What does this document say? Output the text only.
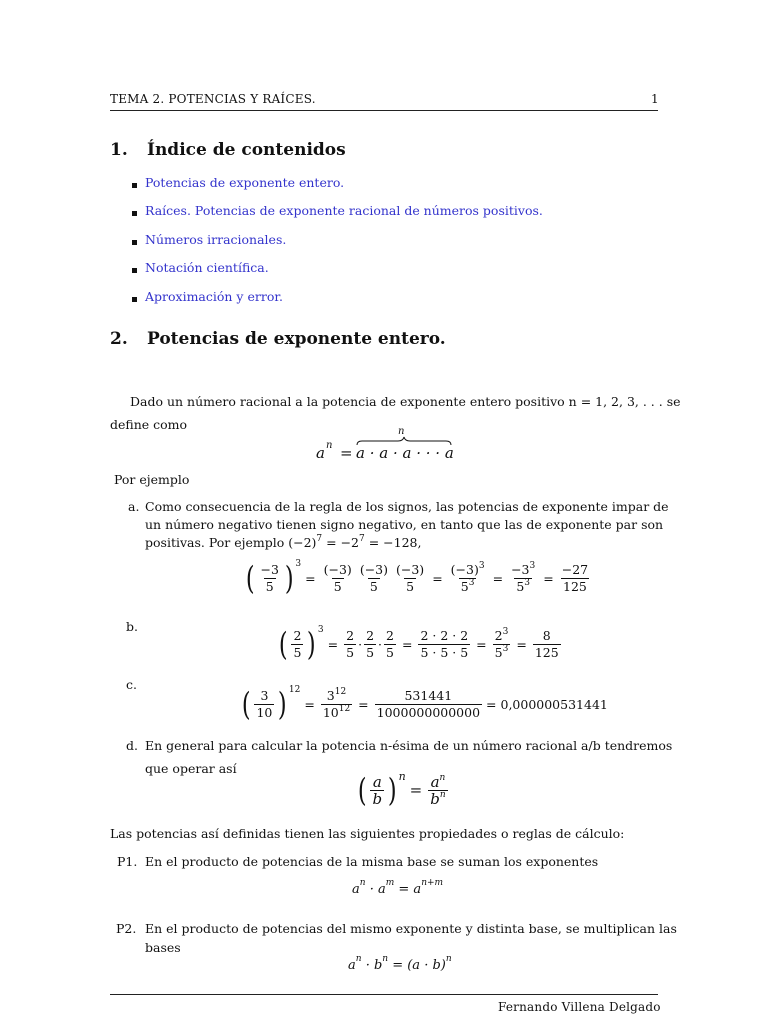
TEMA 2. POTENCIAS Y RAÍCES.	1
1. Índice de contenidos
Potencias de exponente entero.
Raíces. Potencias de exponente racional de números positivos.
Números irracionales.
Notación científica.
Aproximación y error.
2. Potencias de exponente entero.
Dado un número racional a la potencia de exponente entero positivo n = 1, 2, 3, . . . se
define como
a n =
n
a · a · a · · · a
Por ejemplo
a. Como consecuencia de la regla de los signos, las potencias de exponente impar de
un número negativo tienen signo negativo, en tanto que las de exponente par son
positivas. Por ejemplo $(-2)^7 = -2^7 = -128$,
( $\frac{-3}{5}$ ) 3
= $\frac{(-3)}{5} \frac{(-3)}{5} \frac{(-3)}{5} = \frac{(-3)^3}{5^3} = \frac{-3^3}{5^3} = \frac{-27}{125}$
b.	( $\frac{2}{5}$ ) 3
= $\frac{2}{5} \cdot \frac{2}{5} \cdot \frac{2}{5} = \frac{2 \cdot 2 \cdot 2}{5 \cdot 5 \cdot 5} = \frac{2^3}{5^3} = \frac{8}{125}$
c.
( $\frac{3}{10}$ ) 12
= $\frac{3^{12}}{10^{12}} = \frac{531441}{1000000000000} = 0,000000531441$
d. En general para calcular la potencia n-ésima de un número racional a/b tendremos
que operar así
( $\frac{a}{b}$ ) n
= $\frac{a^n}{b^n}$
Las potencias así definidas tienen las siguientes propiedades o reglas de cálculo:
P1. En el producto de potencias de la misma base se suman los exponentes
$a^n \cdot a^m = a^{n+m}$
P2. En el producto de potencias del mismo exponente y distinta base, se multiplican las
bases
$a^n \cdot b^n = (a \cdot b)^n$
Fernando Villena Delgado
